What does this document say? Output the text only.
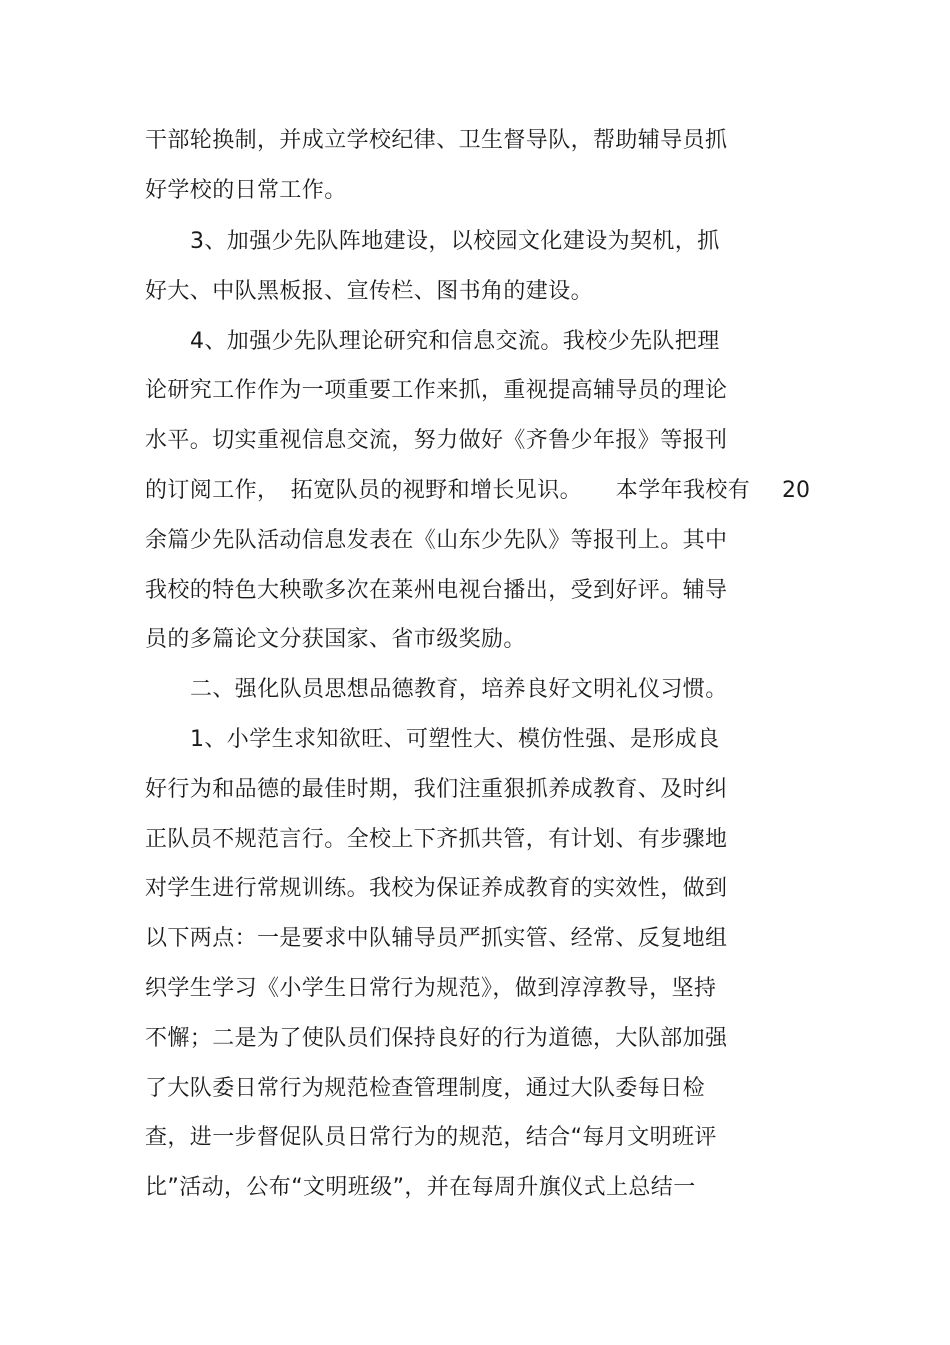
干部轮换制，并成立学校纪律、卫生督导队，帮助辅导员抓
好学校的日常工作。
3、加强少先队阵地建设，以校园文化建设为契机，抓
好大、中队黑板报、宣传栏、图书角的建设。
4、加强少先队理论研究和信息交流。我校少先队把理
论研究工作作为一项重要工作来抓，重视提高辅导员的理论
水平。切实重视信息交流，努力做好《齐鲁少年报》等报刊
的订阅工作，　拓宽队员的视野和增长见识。　　本学年我校有 20
余篇少先队活动信息发表在《山东少先队》等报刊上。其中
我校的特色大秧歌多次在莱州电视台播出，受到好评。辅导
员的多篇论文分获国家、省市级奖励。
二、强化队员思想品德教育，培养良好文明礼仪习惯。
1、小学生求知欲旺、可塑性大、模仿性强、是形成良
好行为和品德的最佳时期，我们注重狠抓养成教育、及时纠
正队员不规范言行。全校上下齐抓共管，有计划、有步骤地
对学生进行常规训练。我校为保证养成教育的实效性，做到
以下两点：一是要求中队辅导员严抓实管、经常、反复地组
织学生学习《小学生日常行为规范》，做到淳淳教导，坚持
不懈；二是为了使队员们保持良好的行为道德，大队部加强
了大队委日常行为规范检查管理制度，通过大队委每日检
查，进一步督促队员日常行为的规范，结合“每月文明班评
比”活动，公布“文明班级”，并在每周升旗仪式上总结一
